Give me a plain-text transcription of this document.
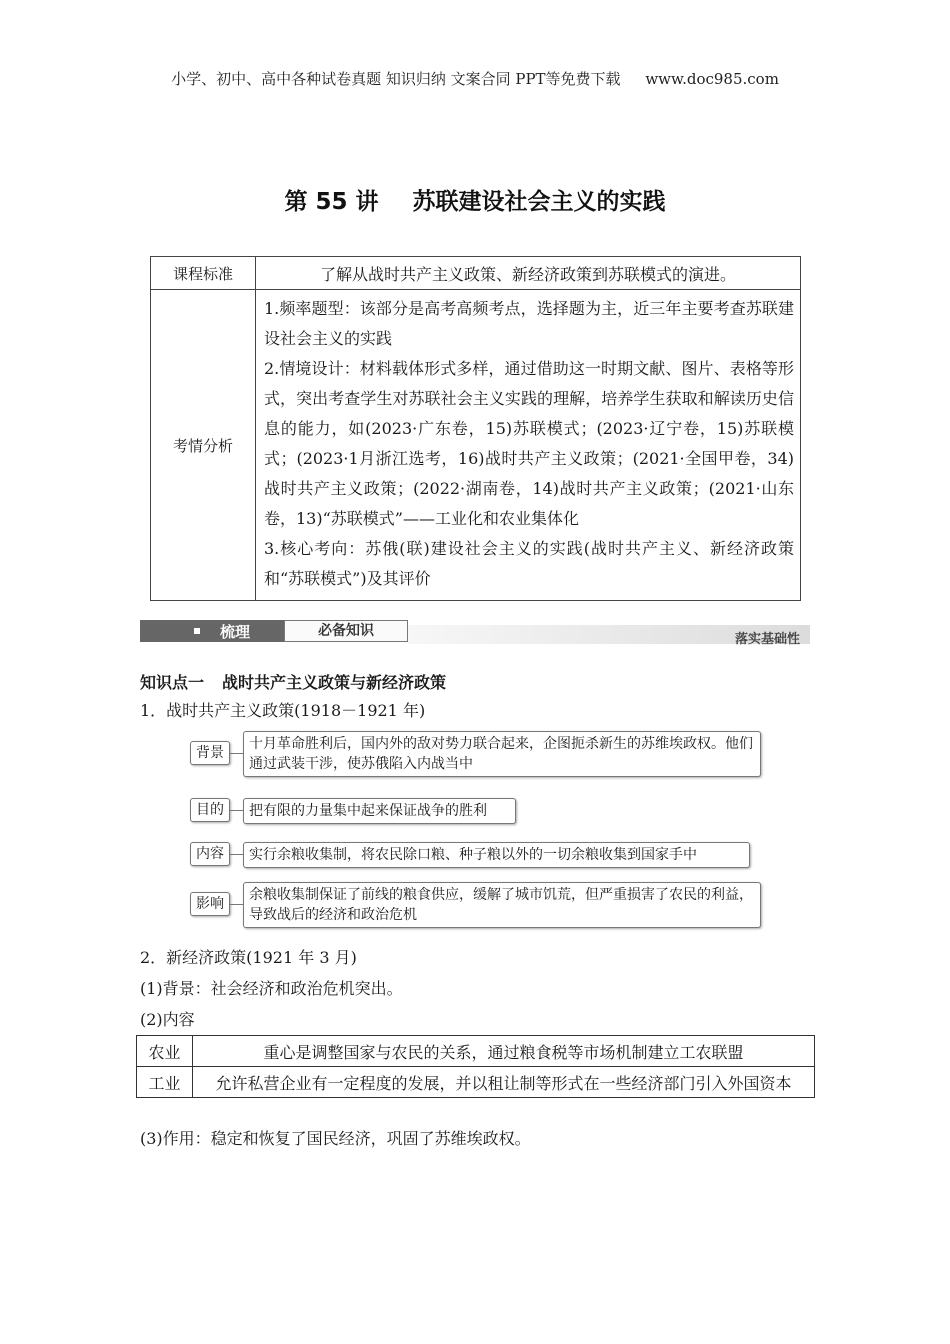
小学、初中、高中各种试卷真题 知识归纳 文案合同 PPT等免费下载 www.doc985.com
第 55 讲 苏联建设社会主义的实践
课程标准	了解从战时共产主义政策、新经济政策到苏联模式的演进。
考情分析	1.频率题型：该部分是高考高频考点，选择题为主，近三年主要考查苏联建设社会主义的实践
2.情境设计：材料载体形式多样，通过借助这一时期文献、图片、表格等形式，突出考查学生对苏联社会主义实践的理解，培养学生获取和解读历史信息的能力，如(2023·广东卷，15)苏联模式；(2023·辽宁卷，15)苏联模式；(2023·1月浙江选考，16)战时共产主义政策；(2021·全国甲卷，34)战时共产主义政策；(2022·湖南卷，14)战时共产主义政策；(2021·山东卷，13)“苏联模式”——工业化和农业集体化
3.核心考向：苏俄(联)建设社会主义的实践(战时共产主义、新经济政策和“苏联模式”)及其评价
梳理	必备知识
落实基础性
知识点一 战时共产主义政策与新经济政策
1．战时共产主义政策(1918－1921 年)
背景
十月革命胜利后，国内外的敌对势力联合起来，企图扼杀新生的苏维埃政权。他们通过武装干涉，使苏俄陷入内战当中
目的	把有限的力量集中起来保证战争的胜利
内容	实行余粮收集制，将农民除口粮、种子粮以外的一切余粮收集到国家手中
影响
余粮收集制保证了前线的粮食供应，缓解了城市饥荒，但严重损害了农民的利益，导致战后的经济和政治危机
2．新经济政策(1921 年 3 月)
(1)背景：社会经济和政治危机突出。
(2)内容
农业	重心是调整国家与农民的关系，通过粮食税等市场机制建立工农联盟
工业	允许私营企业有一定程度的发展，并以租让制等形式在一些经济部门引入外国资本
(3)作用：稳定和恢复了国民经济，巩固了苏维埃政权。
